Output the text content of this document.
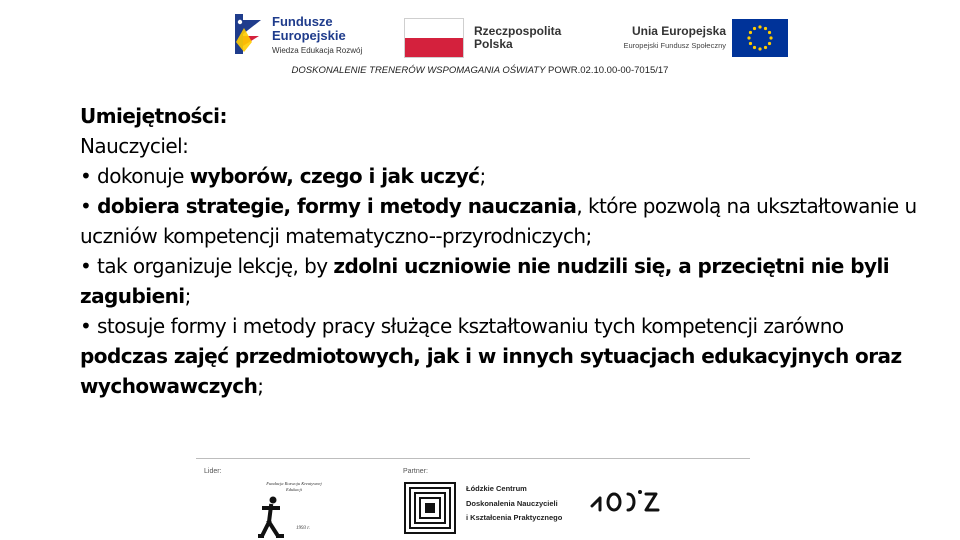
Fundusze
Europejskie
Wiedza Edukacja Rozwój
Rzeczpospolita
Polska
Unia Europejska
Europejski Fundusz Społeczny
DOSKONALENIE TRENERÓW WSPOMAGANIA OŚWIATY POWR.02.10.00-00-7015/17

Umiejętności:

Nauczyciel:

• dokonuje wyborów, czego i jak uczyć;

• dobiera strategie, formy i metody nauczania, które pozwolą na ukształtowanie u uczniów kompetencji matematyczno--przyrodniczych;

• tak organizuje lekcję, by zdolni uczniowie nie nudzili się, a przeciętni nie byli zagubieni;

• stosuje formy i metody pracy służące kształtowaniu tych kompetencji zarówno podczas zajęć przedmiotowych, jak i w innych sytuacjach edukacyjnych oraz wychowawczych;

Lider:	Partner:
Fundacja Rozwoju Kreatywnej Edukacji
1993 r.
Łódzkie Centrum
Doskonalenia Nauczycieli
i Kształcenia Praktycznego
